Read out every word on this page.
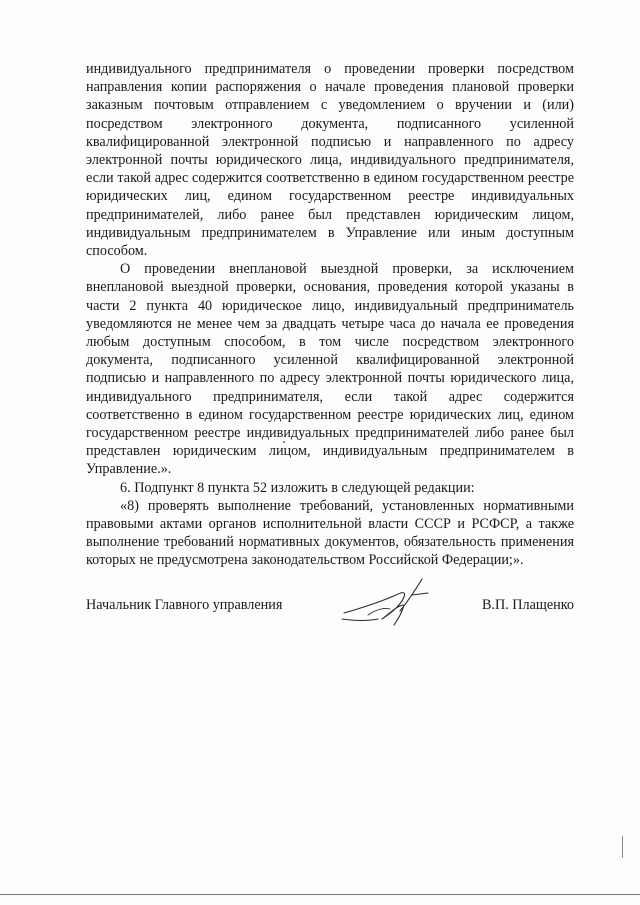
индивидуального предпринимателя о проведении проверки посредством направления копии распоряжения о начале проведения плановой проверки заказным почтовым отправлением с уведомлением о вручении и (или) посредством электронного документа, подписанного усиленной квалифицированной электронной подписью и направленного по адресу электронной почты юридического лица, индивидуального предпринимателя, если такой адрес содержится соответственно в едином государственном реестре юридических лиц, едином государственном реестре индивидуальных предпринимателей, либо ранее был представлен юридическим лицом, индивидуальным предпринимателем в Управление или иным доступным способом.

О проведении внеплановой выездной проверки, за исключением внеплановой выездной проверки, основания, проведения которой указаны в части 2 пункта 40 юридическое лицо, индивидуальный предприниматель уведомляются не менее чем за двадцать четыре часа до начала ее проведения любым доступным способом, в том числе посредством электронного документа, подписанного усиленной квалифицированной электронной подписью и направленного по адресу электронной почты юридического лица, индивидуального предпринимателя, если такой адрес содержится соответственно в едином государственном реестре юридических лиц, едином государственном реестре индивидуальных предпринимателей либо ранее был представлен юридическим лицом, индивидуальным предпринимателем в Управление.».

6. Подпункт 8 пункта 52 изложить в следующей редакции:

«8) проверять выполнение требований, установленных нормативными правовыми актами органов исполнительной власти СССР и РСФСР, а также выполнение требований нормативных документов, обязательность применения которых не предусмотрена законодательством Российской Федерации;».

Начальник Главного управления	В.П. Плащенко
